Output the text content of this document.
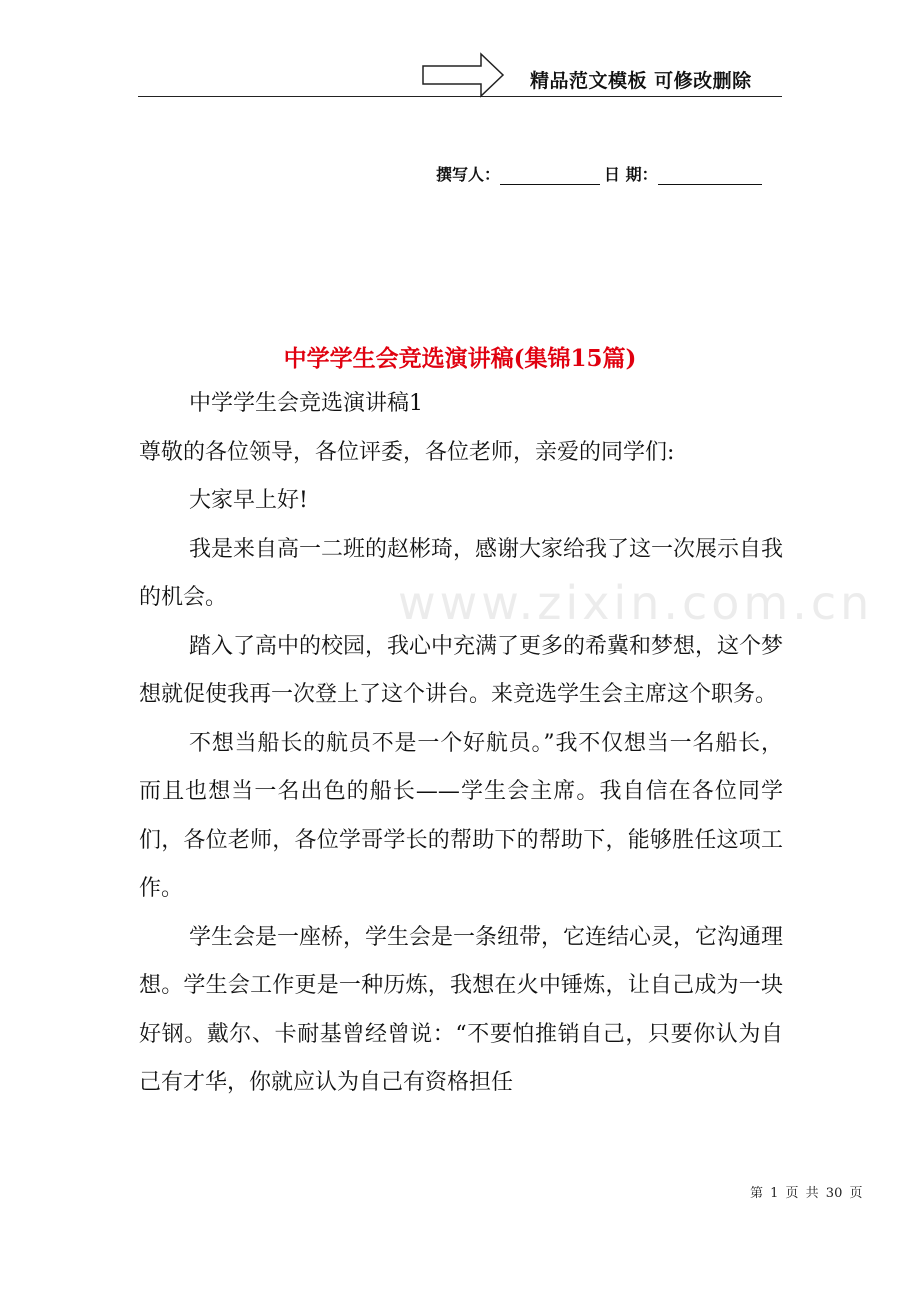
精品范文模板 可修改删除
撰写人：	日 期：
www.zixin.com.cn
中学学生会竞选演讲稿(集锦15篇)

中学学生会竞选演讲稿1

尊敬的各位领导，各位评委，各位老师，亲爱的同学们:

大家早上好!

我是来自高一二班的赵彬琦，感谢大家给我了这一次展示自我的机会。

踏入了高中的校园，我心中充满了更多的希冀和梦想，这个梦想就促使我再一次登上了这个讲台。来竞选学生会主席这个职务。

不想当船长的航员不是一个好航员。”我不仅想当一名船长，而且也想当一名出色的船长——学生会主席。我自信在各位同学们，各位老师，各位学哥学长的帮助下的帮助下，能够胜任这项工作。

学生会是一座桥，学生会是一条纽带，它连结心灵，它沟通理想。学生会工作更是一种历炼，我想在火中锤炼，让自己成为一块好钢。戴尔、卡耐基曾经曾说：“不要怕推销自己，只要你认为自己有才华，你就应认为自己有资格担任

第 1 页 共 30 页
